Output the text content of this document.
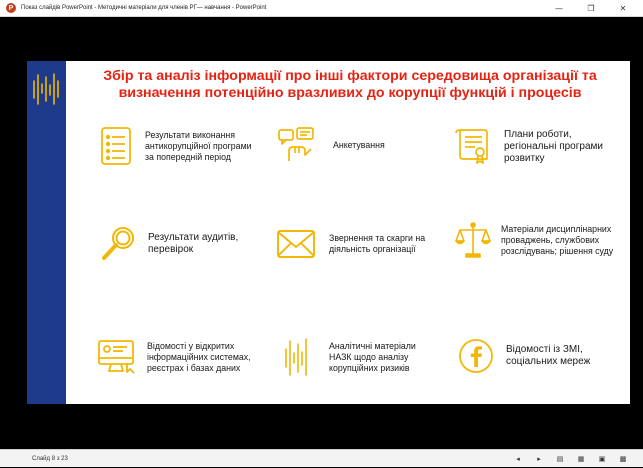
P	Показ слайдів PowerPoint - Методичні матеріали для членів РГ— навчання - PowerPoint	—	❐	✕
Збір та аналіз інформації про інші фактори середовища організації та визначення потенційно вразливих до корупції функцій і процесів
Результати виконання антикорупційної програми за попередній період
Анкетування
Плани роботи, регіональні програми розвитку
Результати аудитів, перевірок
Звернення та скарги на діяльність організації
Матеріали дисциплінарних проваджень, службових розслідувань; рішення суду
Відомості у відкритих інформаційних системах, реєстрах і базах даних
Аналітичні матеріали НАЗК щодо аналізу корупційних ризиків
Відомості із ЗМІ, соціальних мереж
Слайд 8 з 23	◂	▸	▤	▦	▣	▩
